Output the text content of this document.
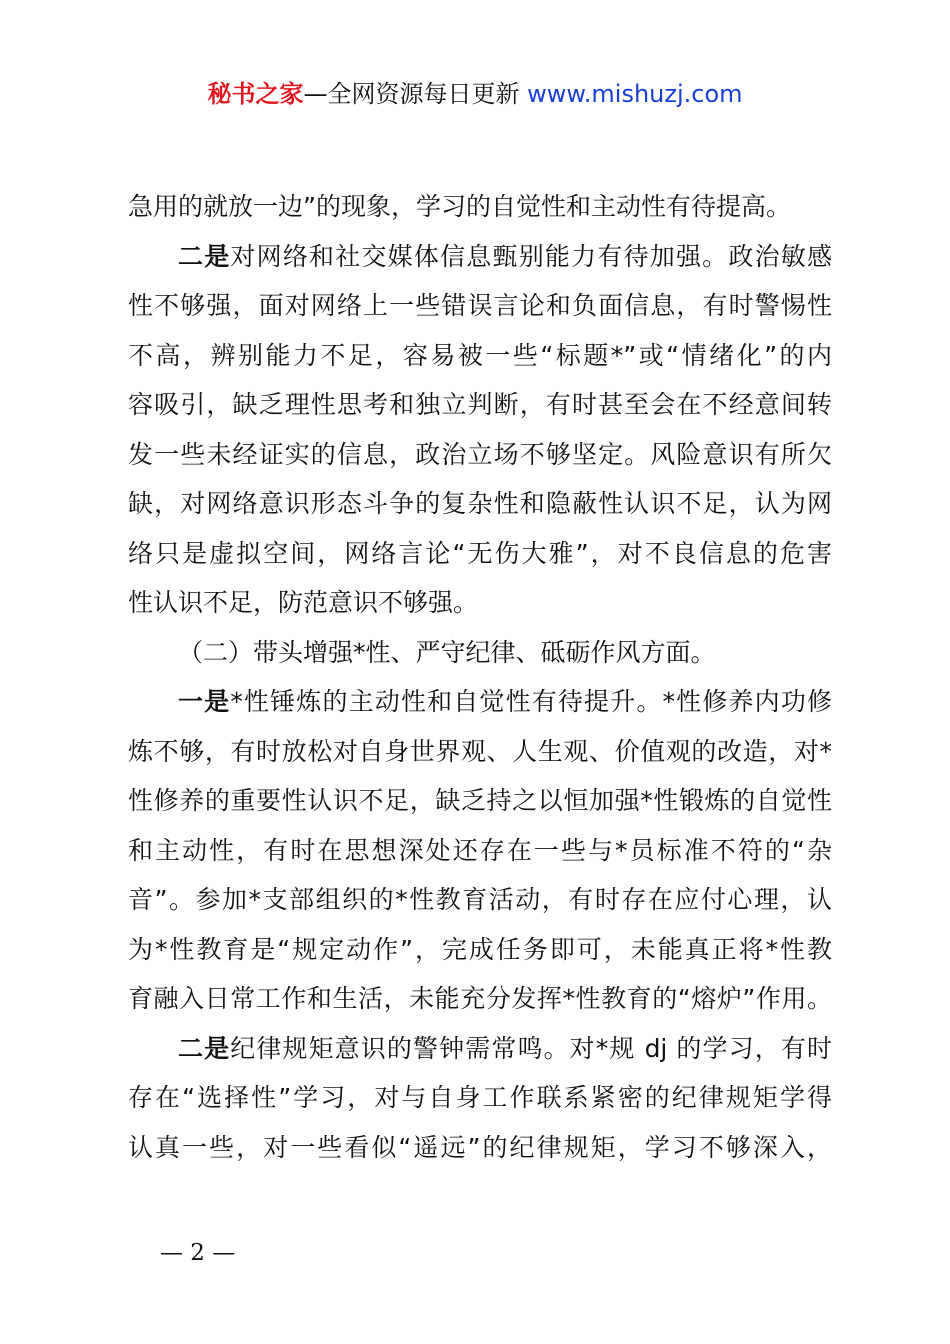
秘书之家—全网资源每日更新 www.mishuzj.com
急用的就放一边”的现象，学习的自觉性和主动性有待提高。
二是对网络和社交媒体信息甄别能力有待加强。政治敏感
性不够强，面对网络上一些错误言论和负面信息，有时警惕性
不高，辨别能力不足，容易被一些“标题*”或“情绪化”的内
容吸引，缺乏理性思考和独立判断，有时甚至会在不经意间转
发一些未经证实的信息，政治立场不够坚定。风险意识有所欠
缺，对网络意识形态斗争的复杂性和隐蔽性认识不足，认为网
络只是虚拟空间，网络言论“无伤大雅”，对不良信息的危害
性认识不足，防范意识不够强。
（二）带头增强*性、严守纪律、砥砺作风方面。
一是*性锤炼的主动性和自觉性有待提升。*性修养内功修
炼不够，有时放松对自身世界观、人生观、价值观的改造，对*
性修养的重要性认识不足，缺乏持之以恒加强*性锻炼的自觉性
和主动性，有时在思想深处还存在一些与*员标准不符的“杂
音”。参加*支部组织的*性教育活动，有时存在应付心理，认
为*性教育是“规定动作”，完成任务即可，未能真正将*性教
育融入日常工作和生活，未能充分发挥*性教育的“熔炉”作用。
二是纪律规矩意识的警钟需常鸣。对*规 dj 的学习，有时
存在“选择性”学习，对与自身工作联系紧密的纪律规矩学得
认真一些，对一些看似“遥远”的纪律规矩，学习不够深入，
— 2 —
